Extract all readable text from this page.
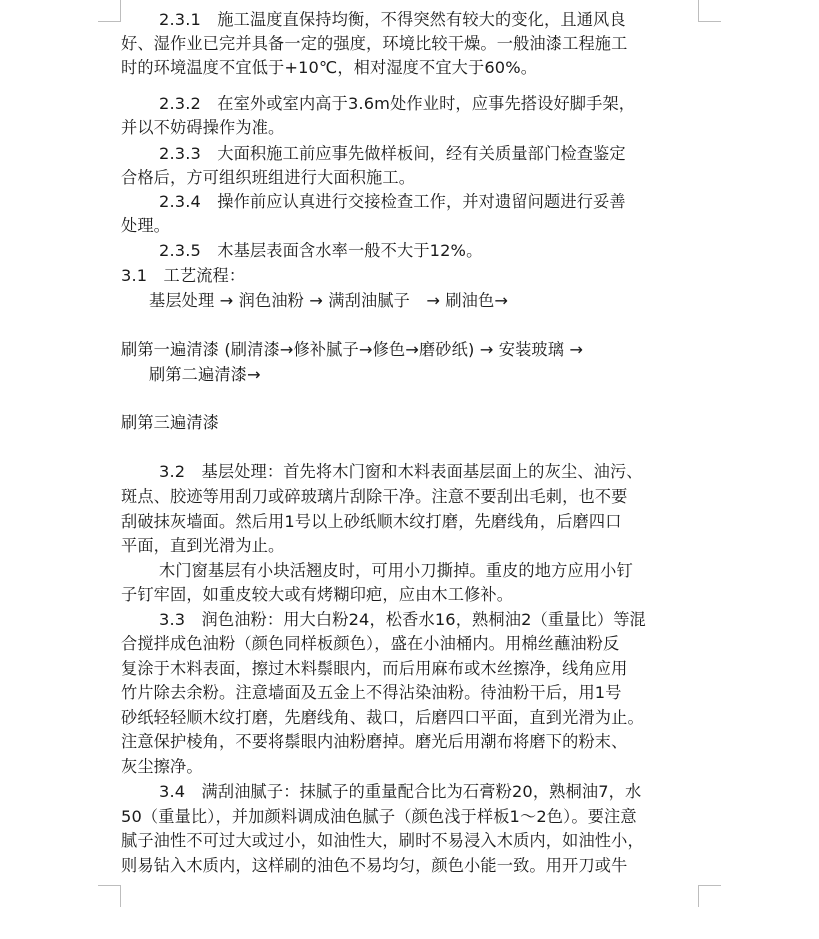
2.3.1　施工温度直保持均衡，不得突然有较大的变化，且通风良
好、湿作业已完并具备一定的强度，环境比较干燥。一般油漆工程施工
时的环境温度不宜低于+10℃，相对湿度不宜大于60%。
2.3.2　在室外或室内高于3.6m处作业时，应事先搭设好脚手架，
并以不妨碍操作为准。
2.3.3　大面积施工前应事先做样板间，经有关质量部门检查鉴定
合格后，方可组织班组进行大面积施工。
2.3.4　操作前应认真进行交接检查工作，并对遗留问题进行妥善
处理。
2.3.5　木基层表面含水率一般不大于12%。
3.1　工艺流程：
基层处理 → 润色油粉 → 满刮油腻子　→ 刷油色→
刷第一遍清漆 (刷清漆→修补腻子→修色→磨砂纸) → 安装玻璃 →
刷第二遍清漆→
刷第三遍清漆
3.2　基层处理：首先将木门窗和木料表面基层面上的灰尘、油污、
斑点、胶迹等用刮刀或碎玻璃片刮除干净。注意不要刮出毛刺，也不要
刮破抹灰墙面。然后用1号以上砂纸顺木纹打磨，先磨线角，后磨四口
平面，直到光滑为止。
木门窗基层有小块活翘皮时，可用小刀撕掉。重皮的地方应用小钉
子钉牢固，如重皮较大或有烤糊印疤，应由木工修补。
3.3　润色油粉：用大白粉24，松香水16，熟桐油2（重量比）等混
合搅拌成色油粉（颜色同样板颜色），盛在小油桶内。用棉丝蘸油粉反
复涂于木料表面，擦过木料鬃眼内，而后用麻布或木丝擦净，线角应用
竹片除去余粉。注意墙面及五金上不得沾染油粉。待油粉干后，用1号
砂纸轻轻顺木纹打磨，先磨线角、裁口，后磨四口平面，直到光滑为止。
注意保护棱角，不要将鬃眼内油粉磨掉。磨光后用潮布将磨下的粉末、
灰尘擦净。
3.4　满刮油腻子：抹腻子的重量配合比为石膏粉20，熟桐油7，水
50（重量比），并加颜料调成油色腻子（颜色浅于样板1～2色）。要注意
腻子油性不可过大或过小，如油性大，刷时不易浸入木质内，如油性小，
则易钻入木质内，这样刷的油色不易均匀，颜色小能一致。用开刀或牛
